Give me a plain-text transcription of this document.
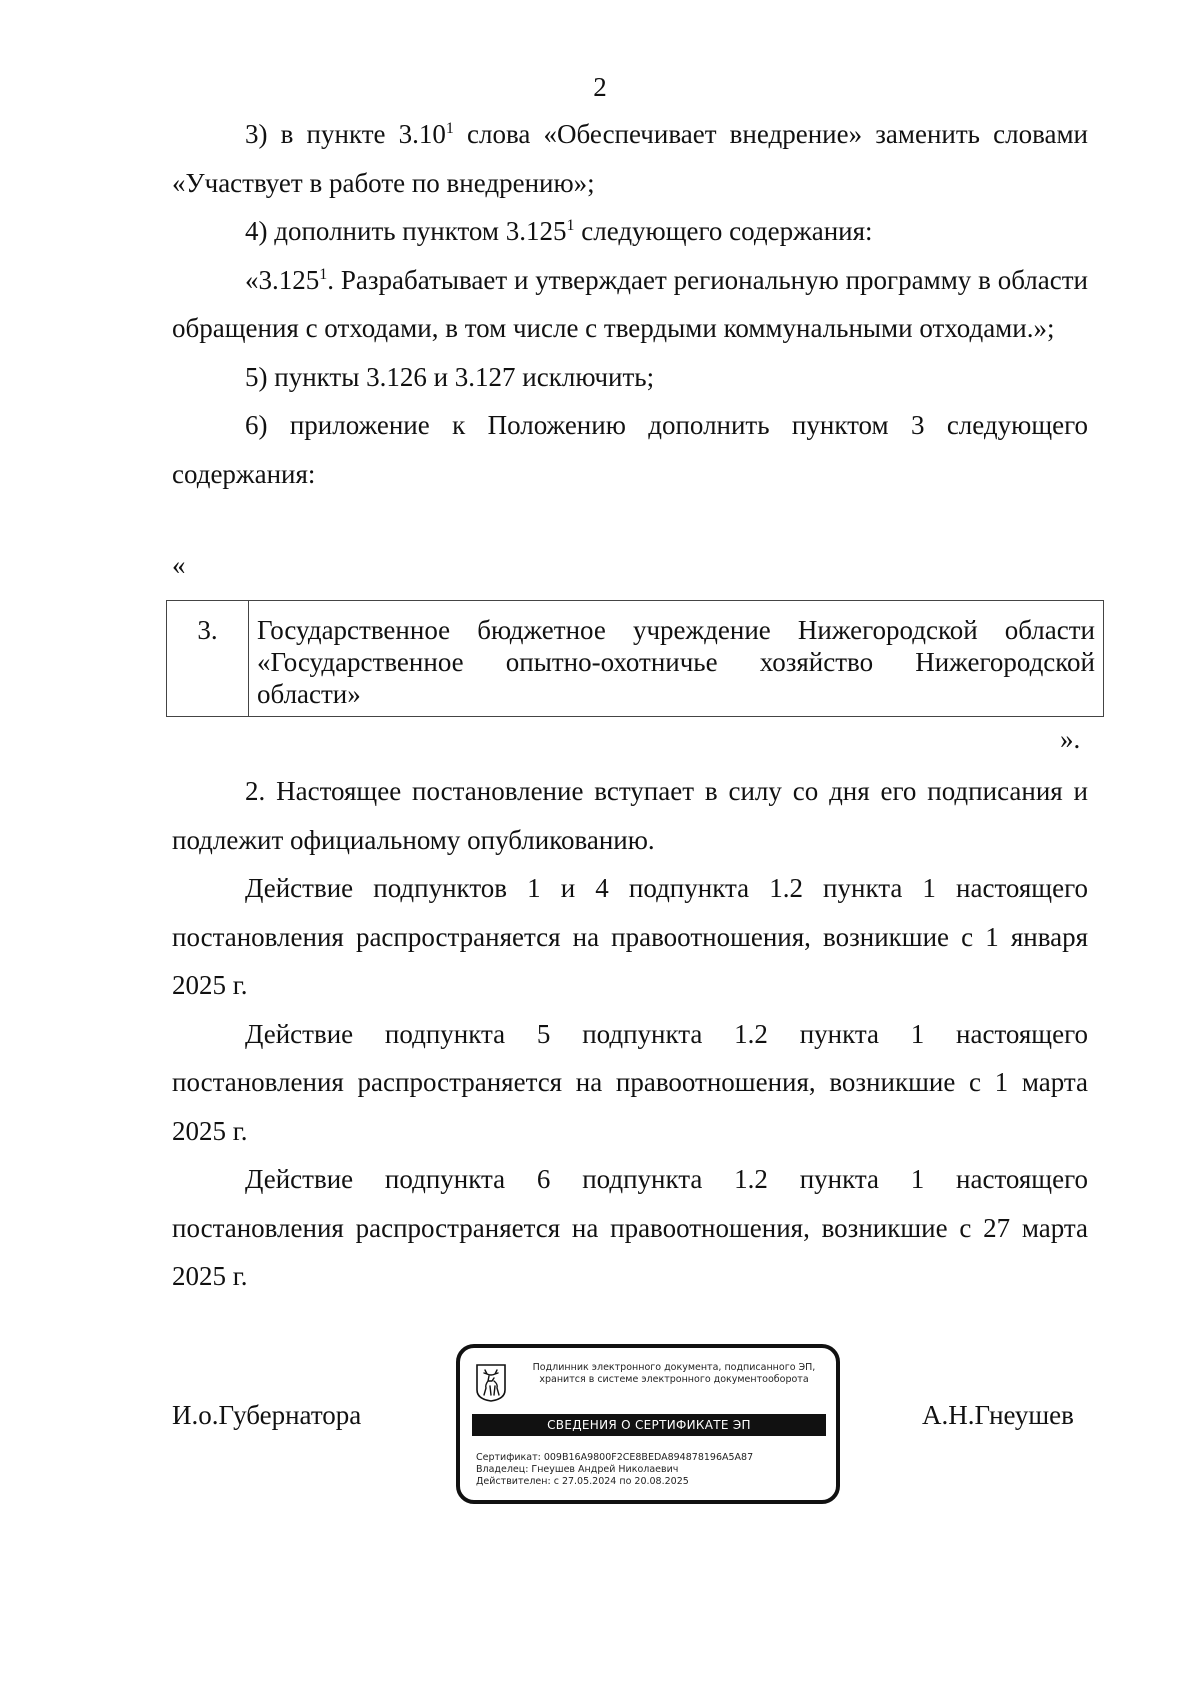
2

3) в пункте 3.10$^1$ слова «Обеспечивает внедрение» заменить словами «Участвует в работе по внедрению»;

4) дополнить пунктом 3.125$^1$ следующего содержания:

«3.125$^1$. Разрабатывает и утверждает региональную программу в области обращения с отходами, в том числе с твердыми коммунальными отходами.»;

5) пункты 3.126 и 3.127 исключить;

6) приложение к Положению дополнить пунктом 3 следующего содержания:

«
3.	Государственное бюджетное учреждение Нижегородской области «Государственное опытно-охотничье хозяйство Нижегородской области»
».

2. Настоящее постановление вступает в силу со дня его подписания и подлежит официальному опубликованию.

Действие подпунктов 1 и 4 подпункта 1.2 пункта 1 настоящего постановления распространяется на правоотношения, возникшие с 1 января 2025 г.

Действие подпункта 5 подпункта 1.2 пункта 1 настоящего постановления распространяется на правоотношения, возникшие с 1 марта 2025 г.

Действие подпункта 6 подпункта 1.2 пункта 1 настоящего постановления распространяется на правоотношения, возникшие с 27 марта 2025 г.

И.о.Губернатора
Подлинник электронного документа, подписанного ЭП,
хранится в системе электронного документооборота
СВЕДЕНИЯ О СЕРТИФИКАТЕ ЭП
Сертификат: 009B16A9800F2CE8BEDA894878196A5A87
Владелец: Гнеушев Андрей Николаевич
Действителен: с 27.05.2024 по 20.08.2025
А.Н.Гнеушев
